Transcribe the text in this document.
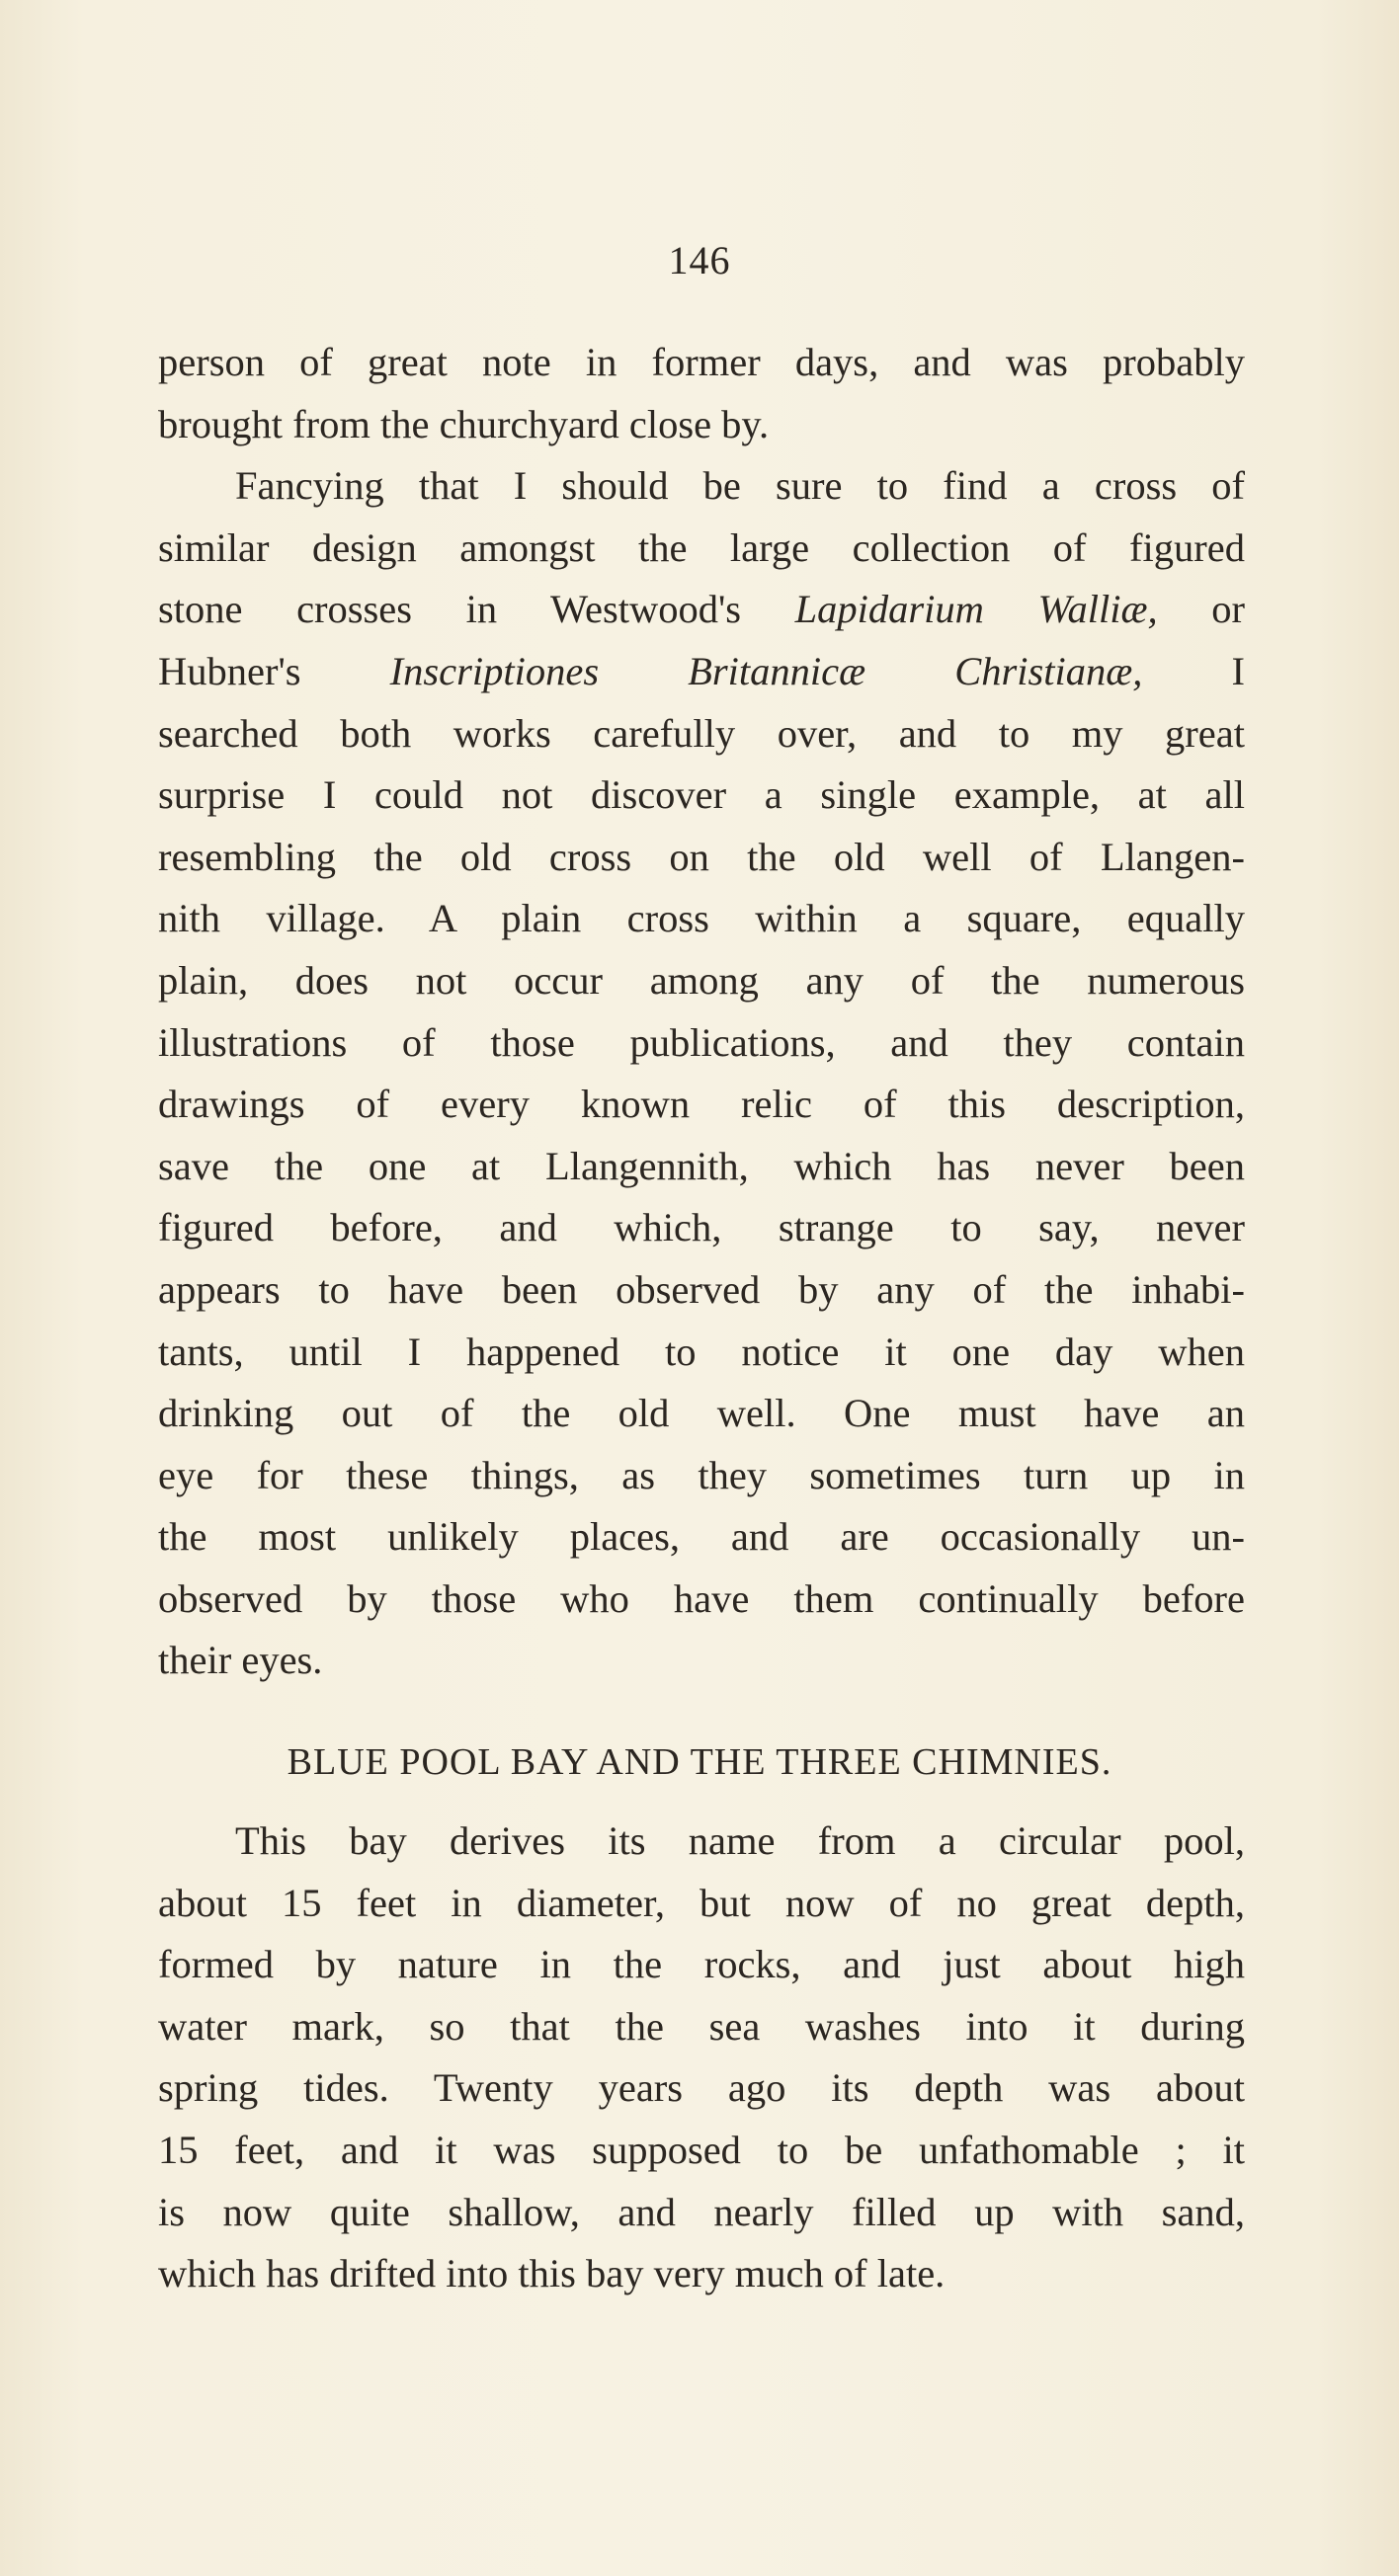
146
person of great note in former days, and was probably
brought from the churchyard close by.
Fancying that I should be sure to find a cross of
similar design amongst the large collection of figured
stone crosses in Westwood's Lapidarium Walliæ, or
Hubner's Inscriptiones Britannicæ Christianæ, I
searched both works carefully over, and to my great
surprise I could not discover a single example, at all
resembling the old cross on the old well of Llangen-
nith village. A plain cross within a square, equally
plain, does not occur among any of the numerous
illustrations of those publications, and they contain
drawings of every known relic of this description,
save the one at Llangennith, which has never been
figured before, and which, strange to say, never
appears to have been observed by any of the inhabi-
tants, until I happened to notice it one day when
drinking out of the old well. One must have an
eye for these things, as they sometimes turn up in
the most unlikely places, and are occasionally un-
observed by those who have them continually before
their eyes.
BLUE POOL BAY AND THE THREE CHIMNIES.
This bay derives its name from a circular pool,
about 15 feet in diameter, but now of no great depth,
formed by nature in the rocks, and just about high
water mark, so that the sea washes into it during
spring tides. Twenty years ago its depth was about
15 feet, and it was supposed to be unfathomable ; it
is now quite shallow, and nearly filled up with sand,
which has drifted into this bay very much of late.
